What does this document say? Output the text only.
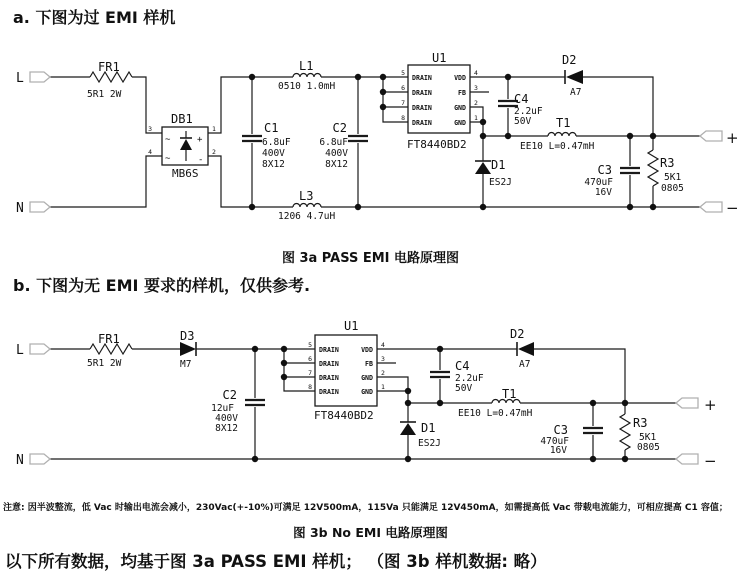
a. 下图为过 EMI 样机
L
N
FR1
5R1 2W
DB1
MB6S
3
4
1
2
~
~
+
-
C1
6.8uF
400V
8X12
L1
0510 1.0mH
C2
6.8uF
400V
8X12
L3
1206 4.7uH
U1
FT8440BD2
5
6
7
8
4
3
2
1
DRAIN
DRAIN
DRAIN
DRAIN
VDD
FB
GND
GND
C4
2.2uF
50V
D2
A7
D1
ES2J
T1
EE10 L=0.47mH
C3
470uF
16V
R3
5K1
0805
+
−
L
N
FR1
5R1 2W
D3
M7
C2
12uF
400V
8X12
U1
FT8440BD2
5
6
7
8
4
3
2
1
DRAIN
DRAIN
DRAIN
DRAIN
VDD
FB
GND
GND
C4
2.2uF
50V
D2
A7
D1
ES2J
T1
EE10 L=0.47mH
C3
470uF
16V
R3
5K1
0805
+
−
图 3a PASS EMI 电路原理图
b. 下图为无 EMI 要求的样机，仅供参考.
注意: 因半波整流，低 Vac 时输出电流会减小，230Vac(+-10%)可满足 12V500mA，115Va 只能满足 12V450mA，如需提高低 Vac 带载电流能力，可相应提高 C1 容值；
图 3b No EMI 电路原理图
以下所有数据，均基于图 3a PASS EMI 样机； （图 3b 样机数据: 略）
